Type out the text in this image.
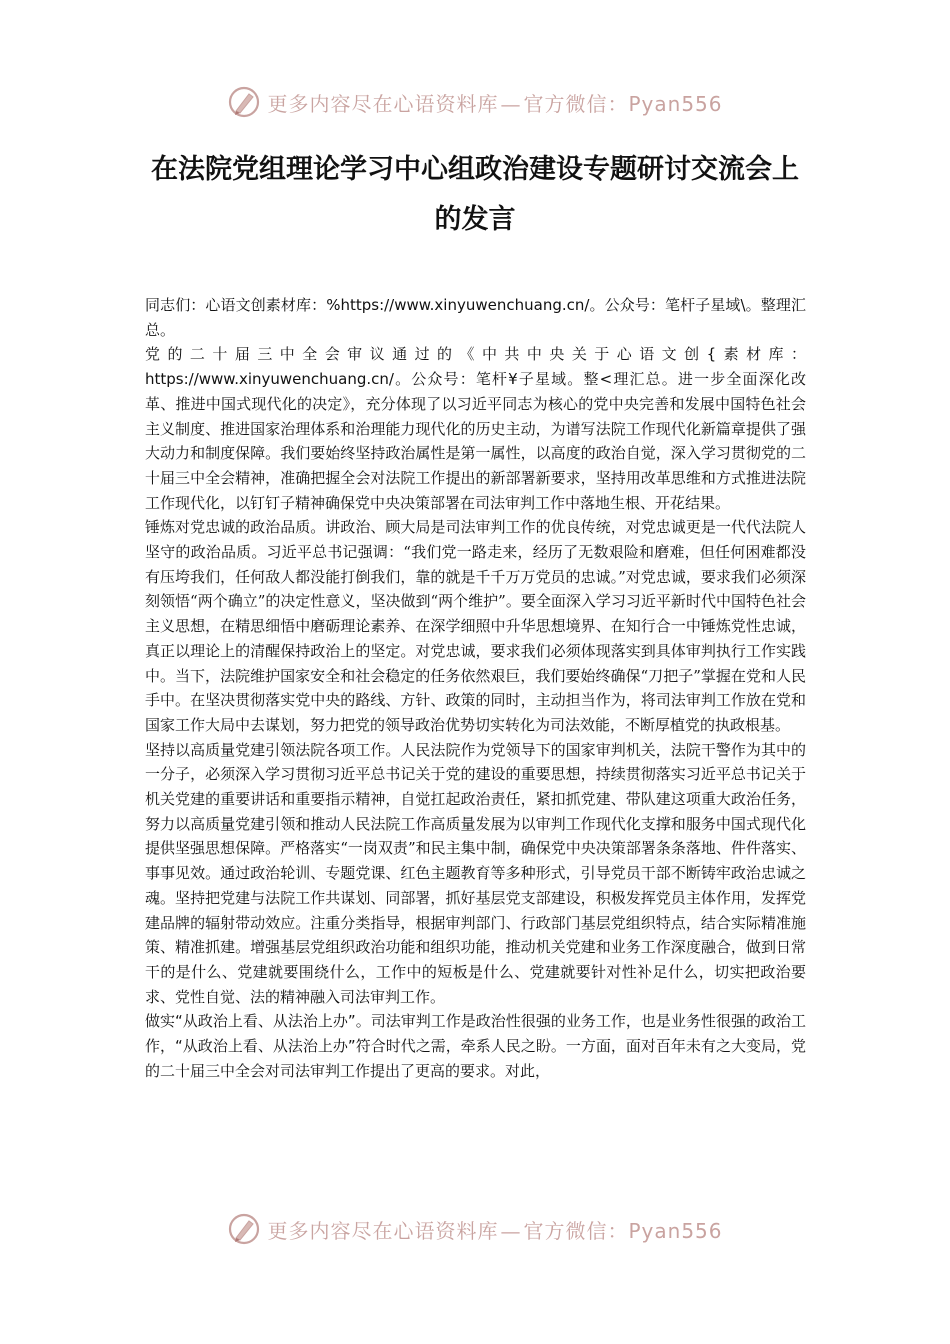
更多内容尽在心语资料库 — 官方微信：Pyan556
在法院党组理论学习中心组政治建设专题研讨交流会上的发言

同志们：心语文创素材库：%https://www.xinyuwenchuang.cn/。公众号：笔杆子星域\。整理汇总。

党的二十届三中全会审议通过的《中共中央关于心语文创{素材库：https://www.xinyuwenchuang.cn/。公众号：笔杆¥子星域。整<理汇总。进一步全面深化改革、推进中国式现代化的决定》，充分体现了以习近平同志为核心的党中央完善和发展中国特色社会主义制度、推进国家治理体系和治理能力现代化的历史主动，为谱写法院工作现代化新篇章提供了强大动力和制度保障。我们要始终坚持政治属性是第一属性，以高度的政治自觉，深入学习贯彻党的二十届三中全会精神，准确把握全会对法院工作提出的新部署新要求，坚持用改革思维和方式推进法院工作现代化，以钉钉子精神确保党中央决策部署在司法审判工作中落地生根、开花结果。

锤炼对党忠诚的政治品质。讲政治、顾大局是司法审判工作的优良传统，对党忠诚更是一代代法院人坚守的政治品质。习近平总书记强调：“我们党一路走来，经历了无数艰险和磨难，但任何困难都没有压垮我们，任何敌人都没能打倒我们，靠的就是千千万万党员的忠诚。”对党忠诚，要求我们必须深刻领悟“两个确立”的决定性意义，坚决做到“两个维护”。要全面深入学习习近平新时代中国特色社会主义思想，在精思细悟中磨砺理论素养、在深学细照中升华思想境界、在知行合一中锤炼党性忠诚，真正以理论上的清醒保持政治上的坚定。对党忠诚，要求我们必须体现落实到具体审判执行工作实践中。当下，法院维护国家安全和社会稳定的任务依然艰巨，我们要始终确保“刀把子”掌握在党和人民手中。在坚决贯彻落实党中央的路线、方针、政策的同时，主动担当作为，将司法审判工作放在党和国家工作大局中去谋划，努力把党的领导政治优势切实转化为司法效能，不断厚植党的执政根基。

坚持以高质量党建引领法院各项工作。人民法院作为党领导下的国家审判机关，法院干警作为其中的一分子，必须深入学习贯彻习近平总书记关于党的建设的重要思想，持续贯彻落实习近平总书记关于机关党建的重要讲话和重要指示精神，自觉扛起政治责任，紧扣抓党建、带队建这项重大政治任务，努力以高质量党建引领和推动人民法院工作高质量发展为以审判工作现代化支撑和服务中国式现代化提供坚强思想保障。严格落实“一岗双责”和民主集中制，确保党中央决策部署条条落地、件件落实、事事见效。通过政治轮训、专题党课、红色主题教育等多种形式，引导党员干部不断铸牢政治忠诚之魂。坚持把党建与法院工作共谋划、同部署，抓好基层党支部建设，积极发挥党员主体作用，发挥党建品牌的辐射带动效应。注重分类指导，根据审判部门、行政部门基层党组织特点，结合实际精准施策、精准抓建。增强基层党组织政治功能和组织功能，推动机关党建和业务工作深度融合，做到日常干的是什么、党建就要围绕什么，工作中的短板是什么、党建就要针对性补足什么，切实把政治要求、党性自觉、法的精神融入司法审判工作。

做实“从政治上看、从法治上办”。司法审判工作是政治性很强的业务工作，也是业务性很强的政治工作，“从政治上看、从法治上办”符合时代之需，牵系人民之盼。一方面，面对百年未有之大变局，党的二十届三中全会对司法审判工作提出了更高的要求。对此，

更多内容尽在心语资料库 — 官方微信：Pyan556
